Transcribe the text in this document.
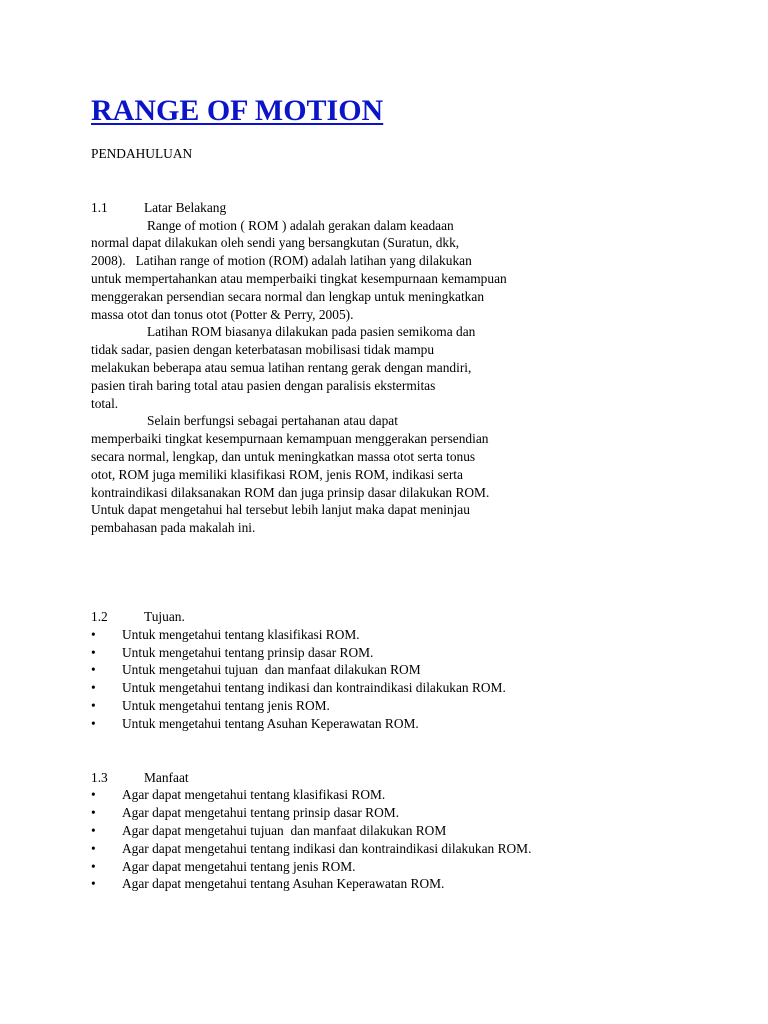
RANGE OF MOTION
PENDAHULUAN
1.1	Latar Belakang
Range of motion ( ROM ) adalah gerakan dalam keadaan
normal dapat dilakukan oleh sendi yang bersangkutan (Suratun, dkk,
2008).   Latihan range of motion (ROM) adalah latihan yang dilakukan
untuk mempertahankan atau memperbaiki tingkat kesempurnaan kemampuan
menggerakan persendian secara normal dan lengkap untuk meningkatkan
massa otot dan tonus otot (Potter & Perry, 2005).
Latihan ROM biasanya dilakukan pada pasien semikoma dan
tidak sadar, pasien dengan keterbatasan mobilisasi tidak mampu
melakukan beberapa atau semua latihan rentang gerak dengan mandiri,
pasien tirah baring total atau pasien dengan paralisis ekstermitas
total.
Selain berfungsi sebagai pertahanan atau dapat
memperbaiki tingkat kesempurnaan kemampuan menggerakan persendian
secara normal, lengkap, dan untuk meningkatkan massa otot serta tonus
otot, ROM juga memiliki klasifikasi ROM, jenis ROM, indikasi serta
kontraindikasi dilaksanakan ROM dan juga prinsip dasar dilakukan ROM.
Untuk dapat mengetahui hal tersebut lebih lanjut maka dapat meninjau
pembahasan pada makalah ini.
1.2	Tujuan.
•	Untuk mengetahui tentang klasifikasi ROM.
•	Untuk mengetahui tentang prinsip dasar ROM.
•	Untuk mengetahui tujuan  dan manfaat dilakukan ROM
•	Untuk mengetahui tentang indikasi dan kontraindikasi dilakukan ROM.
•	Untuk mengetahui tentang jenis ROM.
•	Untuk mengetahui tentang Asuhan Keperawatan ROM.
1.3	Manfaat
•	Agar dapat mengetahui tentang klasifikasi ROM.
•	Agar dapat mengetahui tentang prinsip dasar ROM.
•	Agar dapat mengetahui tujuan  dan manfaat dilakukan ROM
•	Agar dapat mengetahui tentang indikasi dan kontraindikasi dilakukan ROM.
•	Agar dapat mengetahui tentang jenis ROM.
•	Agar dapat mengetahui tentang Asuhan Keperawatan ROM.
